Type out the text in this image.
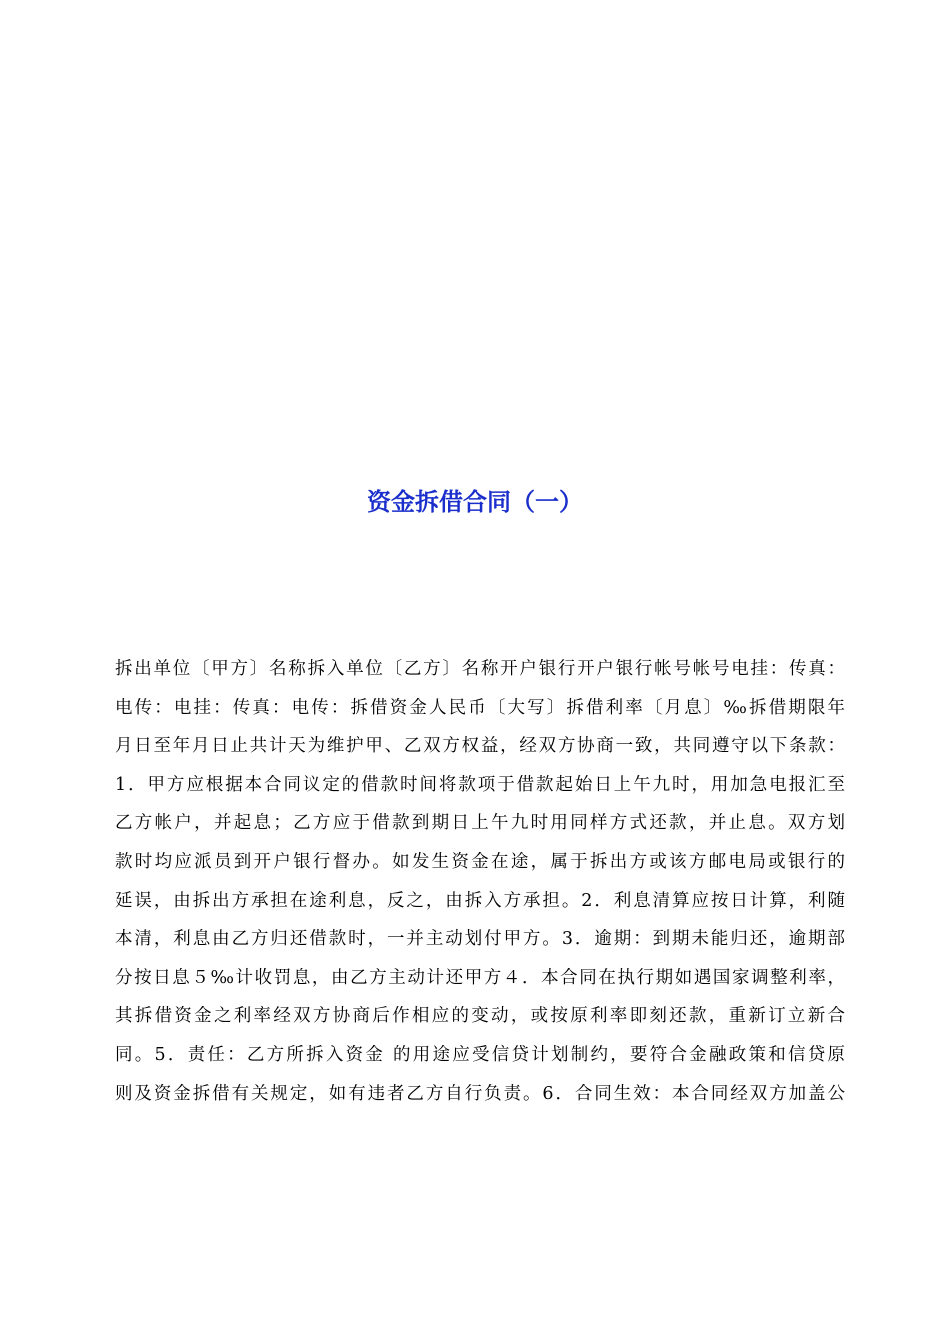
资金拆借合同（一）
拆出单位〔甲方〕名称拆入单位〔乙方〕名称开户银行开户银行帐号帐号电挂：传真：
电传：电挂：传真：电传：拆借资金人民币〔大写〕拆借利率〔月息〕‰拆借期限年
月日至年月日止共计天为维护甲、乙双方权益，经双方协商一致，共同遵守以下条款：
1．甲方应根据本合同议定的借款时间将款项于借款起始日上午九时，用加急电报汇至
乙方帐户，并起息；乙方应于借款到期日上午九时用同样方式还款，并止息。双方划
款时均应派员到开户银行督办。如发生资金在途，属于拆出方或该方邮电局或银行的
延误，由拆出方承担在途利息，反之，由拆入方承担。2．利息清算应按日计算，利随
本清，利息由乙方归还借款时，一并主动划付甲方。3．逾期：到期未能归还，逾期部
分按日息５‰计收罚息，由乙方主动计还甲方４．本合同在执行期如遇国家调整利率，
其拆借资金之利率经双方协商后作相应的变动，或按原利率即刻还款，重新订立新合
同。5．责任：乙方所拆入资金 的用途应受信贷计划制约，要符合金融政策和信贷原
则及资金拆借有关规定，如有违者乙方自行负责。6．合同生效：本合同经双方加盖公
